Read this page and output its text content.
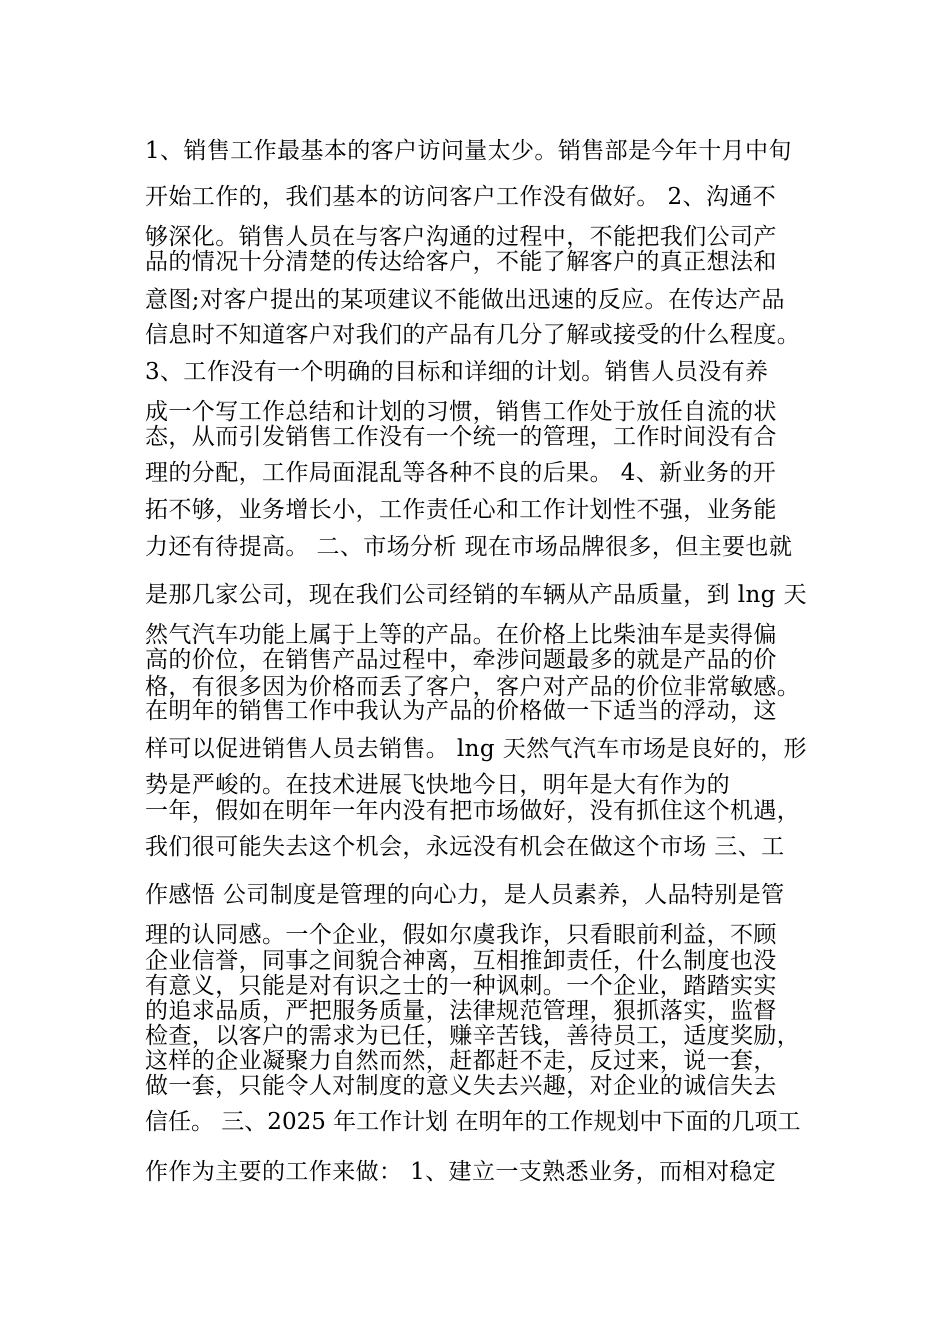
1、销售工作最基本的客户访问量太少。销售部是今年十月中旬
开始工作的，我们基本的访问客户工作没有做好。 2、沟通不
够深化。销售人员在与客户沟通的过程中，不能把我们公司产
品的情况十分清楚的传达给客户，不能了解客户的真正想法和
意图;对客户提出的某项建议不能做出迅速的反应。在传达产品
信息时不知道客户对我们的产品有几分了解或接受的什么程度。
3、工作没有一个明确的目标和详细的计划。销售人员没有养
成一个写工作总结和计划的习惯，销售工作处于放任自流的状
态，从而引发销售工作没有一个统一的管理，工作时间没有合
理的分配，工作局面混乱等各种不良的后果。 4、新业务的开
拓不够，业务增长小，工作责任心和工作计划性不强，业务能
力还有待提高。 二、市场分析 现在市场品牌很多，但主要也就
是那几家公司，现在我们公司经销的车辆从产品质量，到 lng 天
然气汽车功能上属于上等的产品。在价格上比柴油车是卖得偏
高的价位，在销售产品过程中，牵涉问题最多的就是产品的价
格，有很多因为价格而丢了客户，客户对产品的价位非常敏感。
在明年的销售工作中我认为产品的价格做一下适当的浮动，这
样可以促进销售人员去销售。 lng 天然气汽车市场是良好的，形
势是严峻的。在技术进展飞快地今日，明年是大有作为的
一年，假如在明年一年内没有把市场做好，没有抓住这个机遇，
我们很可能失去这个机会，永远没有机会在做这个市场 三、工
作感悟 公司制度是管理的向心力，是人员素养，人品特别是管
理的认同感。一个企业，假如尔虞我诈，只看眼前利益，不顾
企业信誉，同事之间貌合神离，互相推卸责任，什么制度也没
有意义，只能是对有识之士的一种讽刺。一个企业，踏踏实实
的追求品质，严把服务质量，法律规范管理，狠抓落实，监督
检查，以客户的需求为已任，赚辛苦钱，善待员工，适度奖励，
这样的企业凝聚力自然而然，赶都赶不走，反过来，说一套，
做一套，只能令人对制度的意义失去兴趣，对企业的诚信失去
信任。 三、2025 年工作计划 在明年的工作规划中下面的几项工
作作为主要的工作来做： 1、建立一支熟悉业务，而相对稳定
